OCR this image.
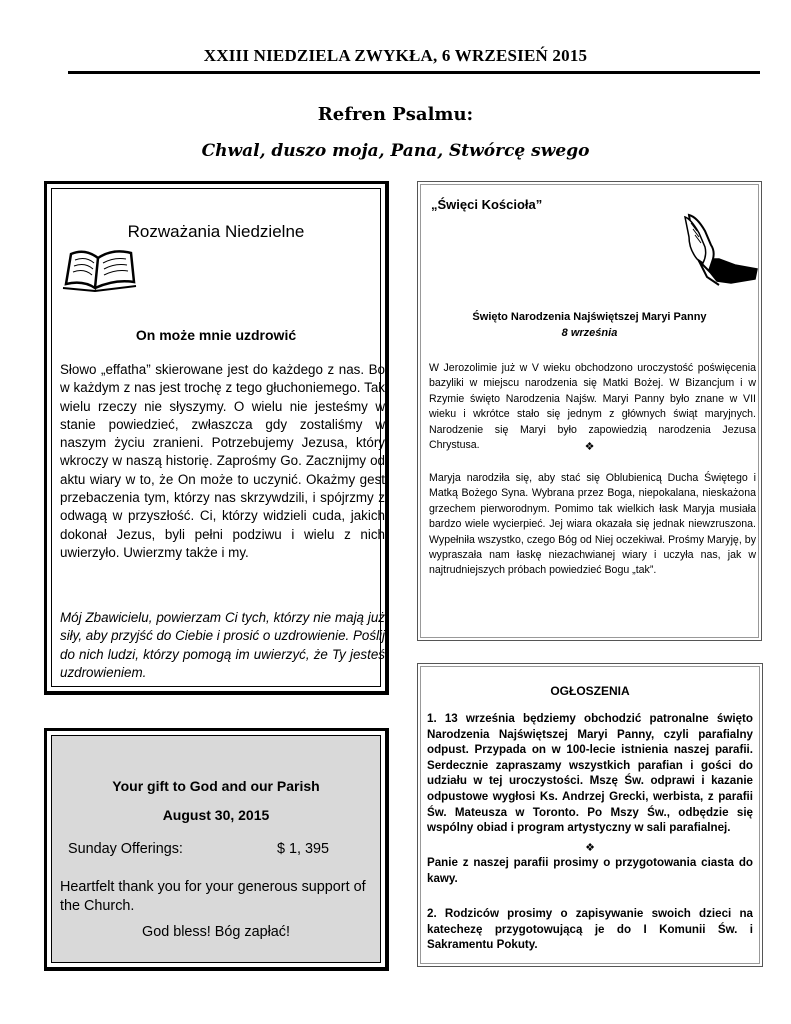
XXIII NIEDZIELA ZWYKŁA, 6 WRZESIEŃ 2015
Refren Psalmu:
Chwal, duszo moja, Pana, Stwórcę swego
Rozważania Niedzielne
On może mnie uzdrowić
Słowo „effatha” skierowane jest do każdego z nas. Bo w każdym z nas jest trochę z tego głuchoniemego. Tak wielu rzeczy nie słyszymy. O wielu nie jesteśmy w stanie powiedzieć, zwłaszcza gdy zostaliśmy w naszym życiu zranieni. Potrzebujemy Jezusa, który wkroczy w naszą historię. Zaprośmy Go. Zacznijmy od aktu wiary w to, że On może to uczynić. Okażmy gest przebaczenia tym, którzy nas skrzywdzili, i spójrzmy z odwagą w przyszłość. Ci, którzy widzieli cuda, jakich dokonał Jezus, byli pełni podziwu i wielu z nich uwierzyło. Uwierzmy także i my.
Mój Zbawicielu, powierzam Ci tych, którzy nie mają już siły, aby przyjść do Ciebie i prosić o uzdrowienie. Poślij do nich ludzi, którzy pomogą im uwierzyć, że Ty jesteś uzdrowieniem.
„Święci Kościoła”
Święto Narodzenia Najświętszej Maryi Panny
8 września
W Jerozolimie już w V wieku obchodzono uroczystość poświęcenia bazyliki w miejscu narodzenia się Matki Bożej. W Bizancjum i w Rzymie święto Narodzenia Najśw. Maryi Panny było znane w VII wieku i wkrótce stało się jednym z głównych świąt maryjnych. Narodzenie się Maryi było zapowiedzią narodzenia Jezusa Chrystusa.	❖
Maryja narodziła się, aby stać się Oblubienicą Ducha Świętego i Matką Bożego Syna. Wybrana przez Boga, niepokalana, nieskażona grzechem pierworodnym. Pomimo tak wielkich łask Maryja musiała bardzo wiele wycierpieć. Jej wiara okazała się jednak niewzruszona. Wypełniła wszystko, czego Bóg od Niej oczekiwał. Prośmy Maryję, by wypraszała nam łaskę niezachwianej wiary i uczyła nas, jak w najtrudniejszych próbach powiedzieć Bogu „tak”.
Your gift to God and our Parish
August 30, 2015
Sunday Offerings:	$ 1, 395
Heartfelt thank you for your generous support of the Church.
God bless! Bóg zapłać!
OGŁOSZENIA
1. 13 września będziemy obchodzić patronalne święto Narodzenia Najświętszej Maryi Panny, czyli parafialny odpust. Przypada on w 100-lecie istnienia naszej parafii. Serdecznie zapraszamy wszystkich parafian i gości do udziału w tej uroczystości. Mszę Św. odprawi i kazanie odpustowe wygłosi Ks. Andrzej Grecki, werbista, z parafii Św. Mateusza w Toronto. Po Mszy Św., odbędzie się wspólny obiad i program artystyczny w sali parafialnej.
❖
Panie z naszej parafii prosimy o przygotowania ciasta do kawy.
2. Rodziców prosimy o zapisywanie swoich dzieci na katechezę przygotowującą je do I Komunii Św. i Sakramentu Pokuty.
